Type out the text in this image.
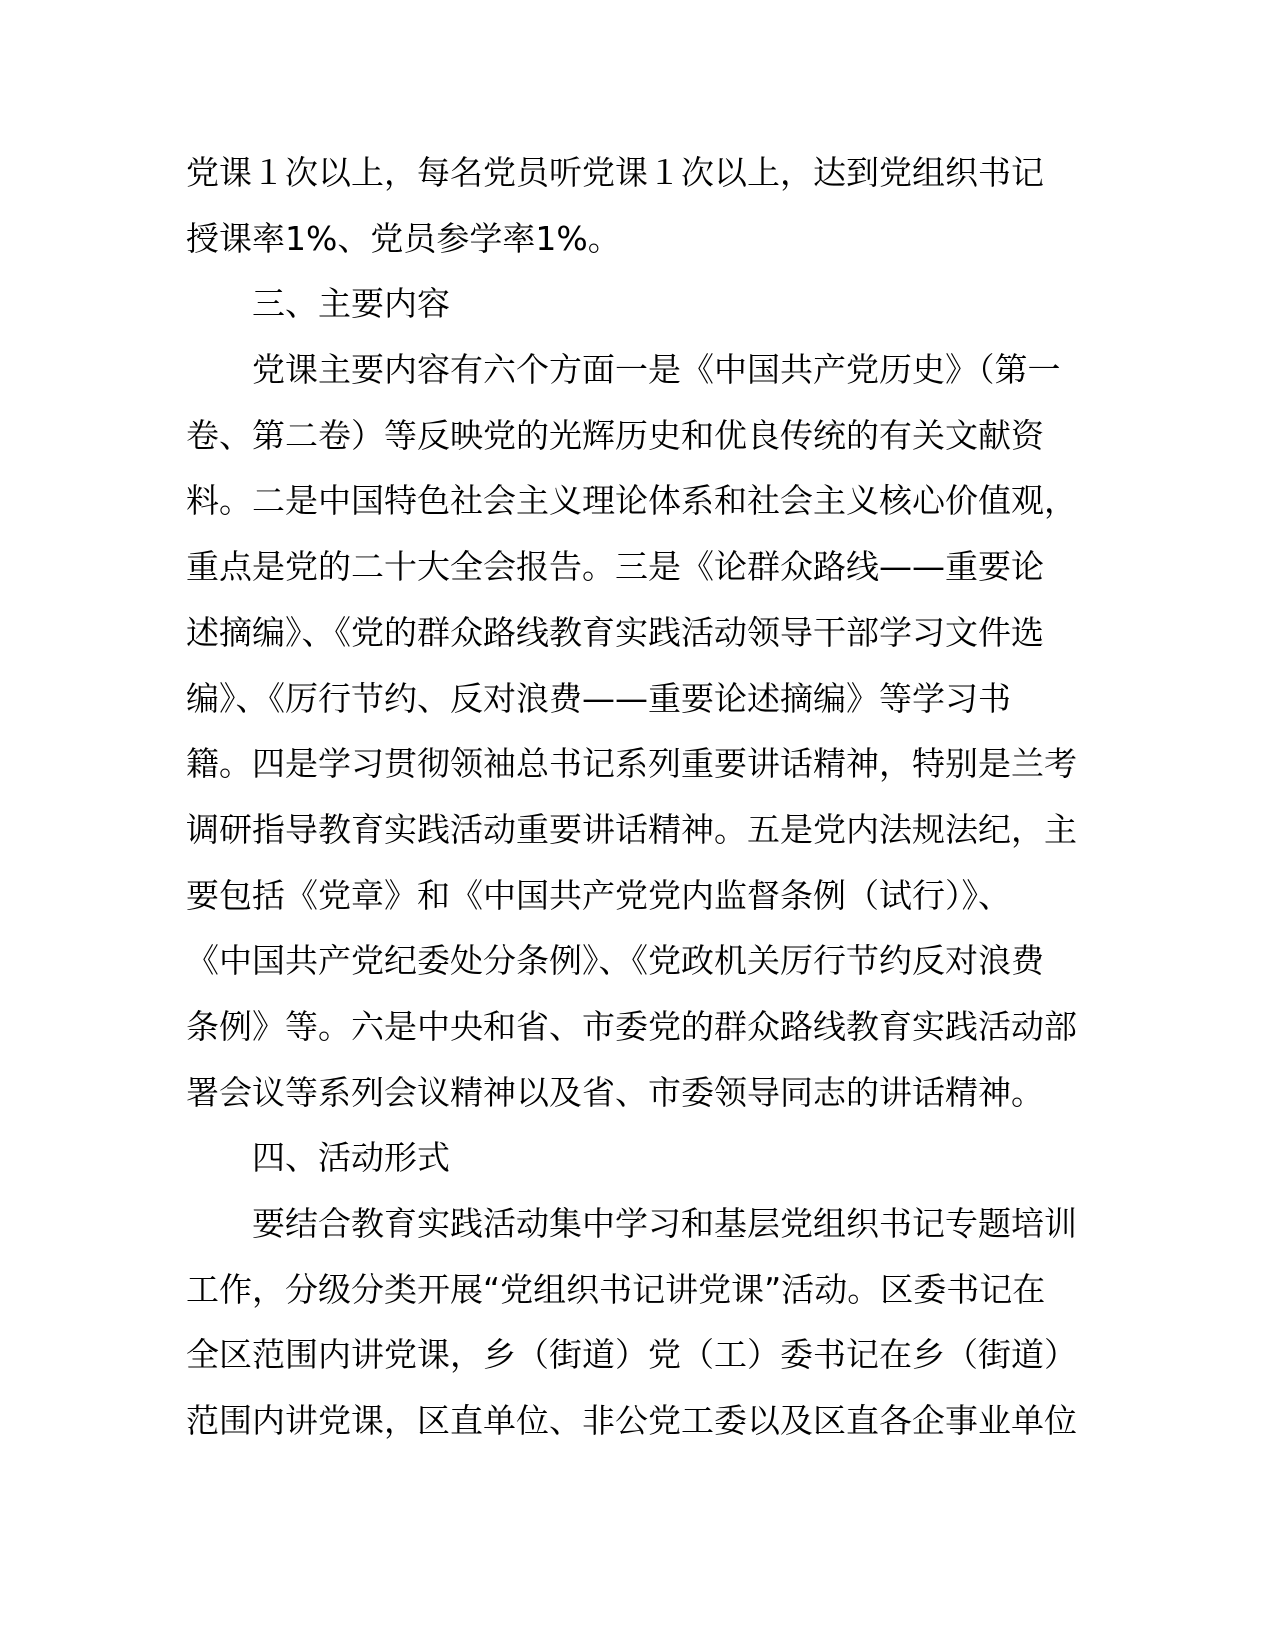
党课１次以上，每名党员听党课１次以上，达到党组织书记
授课率1%、党员参学率1%。
三、主要内容
党课主要内容有六个方面一是《中国共产党历史》（第一
卷、第二卷）等反映党的光辉历史和优良传统的有关文献资
料。二是中国特色社会主义理论体系和社会主义核心价值观，
重点是党的二十大全会报告。三是《论群众路线——重要论
述摘编》、《党的群众路线教育实践活动领导干部学习文件选
编》、《厉行节约、反对浪费——重要论述摘编》等学习书
籍。四是学习贯彻领袖总书记系列重要讲话精神，特别是兰考
调研指导教育实践活动重要讲话精神。五是党内法规法纪，主
要包括《党章》和《中国共产党党内监督条例（试行）》、
《中国共产党纪委处分条例》、《党政机关厉行节约反对浪费
条例》等。六是中央和省、市委党的群众路线教育实践活动部
署会议等系列会议精神以及省、市委领导同志的讲话精神。
四、活动形式
要结合教育实践活动集中学习和基层党组织书记专题培训
工作，分级分类开展“党组织书记讲党课”活动。区委书记在
全区范围内讲党课，乡（街道）党（工）委书记在乡（街道）
范围内讲党课，区直单位、非公党工委以及区直各企事业单位
